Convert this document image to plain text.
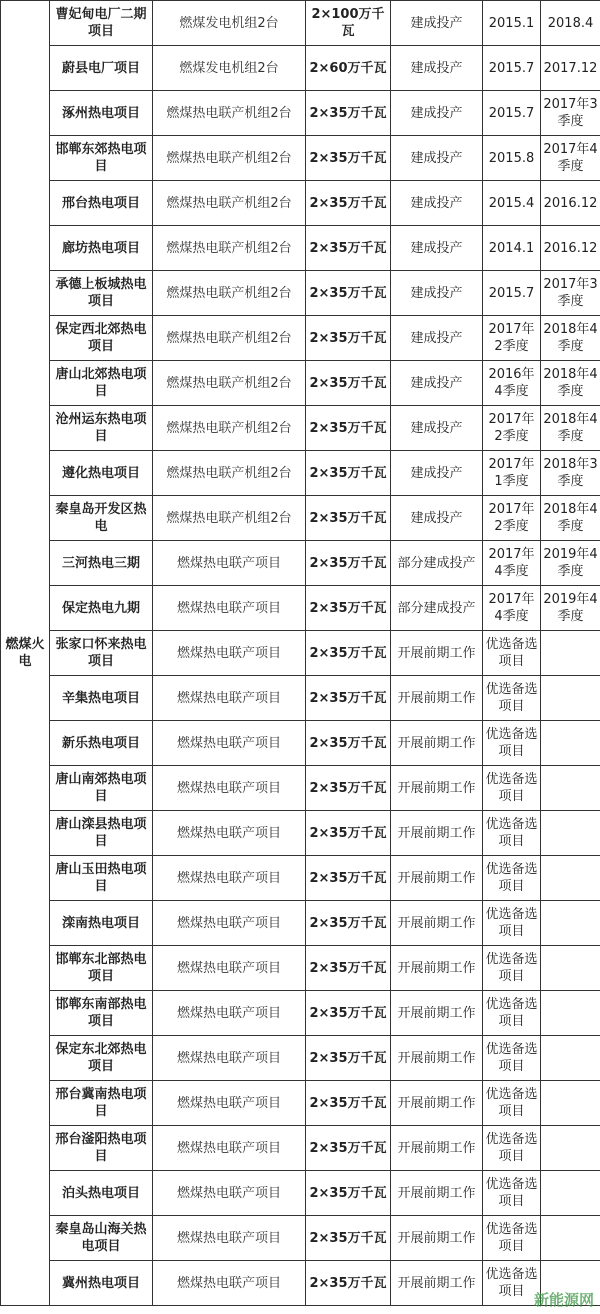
燃煤火电	曹妃甸电厂二期项目	燃煤发电机组2台	2×100万千瓦	建成投产	2015.1	2018.4
	蔚县电厂项目	燃煤发电机组2台	2×60万千瓦	建成投产	2015.7	2017.12
	涿州热电项目	燃煤热电联产机组2台	2×35万千瓦	建成投产	2015.7	2017年3季度
	邯郸东郊热电项目	燃煤热电联产机组2台	2×35万千瓦	建成投产	2015.8	2017年4季度
	邢台热电项目	燃煤热电联产机组2台	2×35万千瓦	建成投产	2015.4	2016.12
	廊坊热电项目	燃煤热电联产机组2台	2×35万千瓦	建成投产	2014.1	2016.12
	承德上板城热电项目	燃煤热电联产机组2台	2×35万千瓦	建成投产	2015.7	2017年3季度
	保定西北郊热电项目	燃煤热电联产机组2台	2×35万千瓦	建成投产	2017年2季度	2018年4季度
	唐山北郊热电项目	燃煤热电联产机组2台	2×35万千瓦	建成投产	2016年4季度	2018年4季度
	沧州运东热电项目	燃煤热电联产机组2台	2×35万千瓦	建成投产	2017年2季度	2018年4季度
	遵化热电项目	燃煤热电联产机组2台	2×35万千瓦	建成投产	2017年1季度	2018年3季度
	秦皇岛开发区热电	燃煤热电联产机组2台	2×35万千瓦	建成投产	2017年2季度	2018年4季度
	三河热电三期	燃煤热电联产项目	2×35万千瓦	部分建成投产	2017年4季度	2019年4季度
	保定热电九期	燃煤热电联产项目	2×35万千瓦	部分建成投产	2017年4季度	2019年4季度
	张家口怀来热电项目	燃煤热电联产项目	2×35万千瓦	开展前期工作	优选备选项目	
	辛集热电项目	燃煤热电联产项目	2×35万千瓦	开展前期工作	优选备选项目	
	新乐热电项目	燃煤热电联产项目	2×35万千瓦	开展前期工作	优选备选项目	
	唐山南郊热电项目	燃煤热电联产项目	2×35万千瓦	开展前期工作	优选备选项目	
	唐山滦县热电项目	燃煤热电联产项目	2×35万千瓦	开展前期工作	优选备选项目	
	唐山玉田热电项目	燃煤热电联产项目	2×35万千瓦	开展前期工作	优选备选项目	
	滦南热电项目	燃煤热电联产项目	2×35万千瓦	开展前期工作	优选备选项目	
	邯郸东北部热电项目	燃煤热电联产项目	2×35万千瓦	开展前期工作	优选备选项目	
	邯郸东南部热电项目	燃煤热电联产项目	2×35万千瓦	开展前期工作	优选备选项目	
	保定东北郊热电项目	燃煤热电联产项目	2×35万千瓦	开展前期工作	优选备选项目	
	邢台冀南热电项目	燃煤热电联产项目	2×35万千瓦	开展前期工作	优选备选项目	
	邢台滏阳热电项目	燃煤热电联产项目	2×35万千瓦	开展前期工作	优选备选项目	
	泊头热电项目	燃煤热电联产项目	2×35万千瓦	开展前期工作	优选备选项目	
	秦皇岛山海关热电项目	燃煤热电联产项目	2×35万千瓦	开展前期工作	优选备选项目	
	冀州热电项目	燃煤热电联产项目	2×35万千瓦	开展前期工作	优选备选项目	新能源网
